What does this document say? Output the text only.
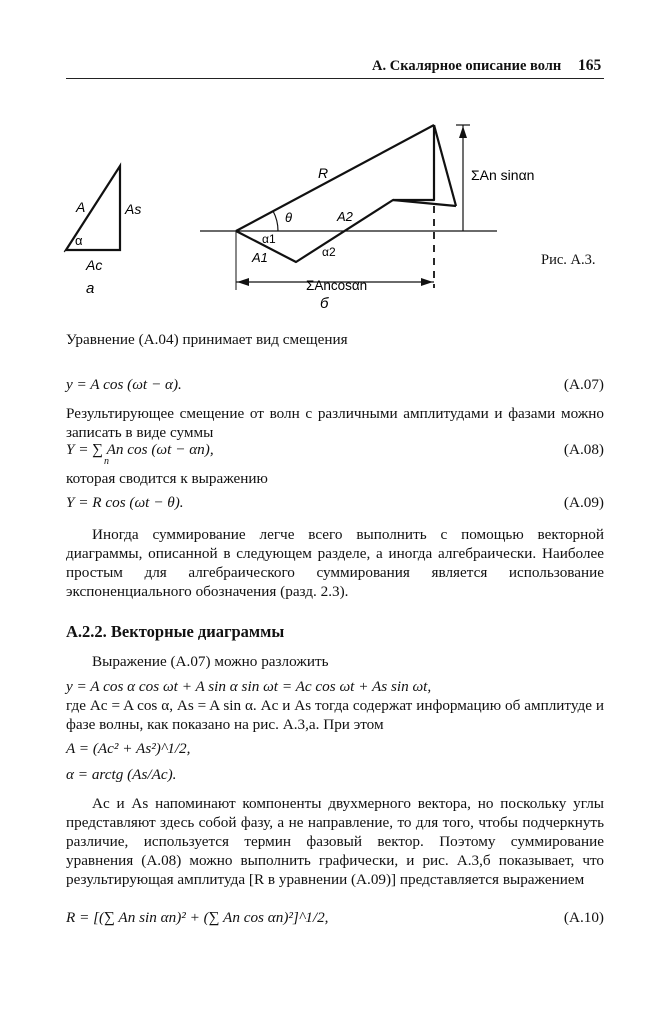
А. Скалярное описание волн 165
A	As
α
Ac
а
R
θ	A2
α1
α2
A1
ΣAn sinαn
ΣAncosαn
б
Рис. А.3.
Уравнение (А.04) принимает вид смещения
y = A cos (ωt − α).	(A.07)
Результирующее смещение от волн с различными амплитудами и фазами можно записать в виде суммы
Y = ∑ An cos (ωt − αn),
n
(A.08)
которая сводится к выражению
Y = R cos (ωt − θ).	(A.09)
Иногда суммирование легче всего выполнить с помощью векторной диаграммы, описанной в следующем разделе, а иногда алгебраически. Наиболее простым для алгебраического суммирования является использование экспоненциального обозначения (разд. 2.3).
А.2.2. Векторные диаграммы
Выражение (А.07) можно разложить
y = A cos α cos ωt + A sin α sin ωt = Ac cos ωt + As sin ωt,
где Ac = A cos α, As = A sin α. Ac и As тогда содержат информацию об амплитуде и фазе волны, как показано на рис. А.3,а. При этом
A = (Ac² + As²)^1/2,
α = arctg (As/Ac).
Ac и As напоминают компоненты двухмерного вектора, но поскольку углы представляют здесь собой фазу, а не направление, то для того, чтобы подчеркнуть различие, используется термин фазовый вектор. Поэтому суммирование уравнения (А.08) можно выполнить графически, и рис. А.3,б показывает, что результирующая амплитуда [R в уравнении (А.09)] представляется выражением
R = [(∑ An sin αn)² + (∑ An cos αn)²]^1/2,	(A.10)
